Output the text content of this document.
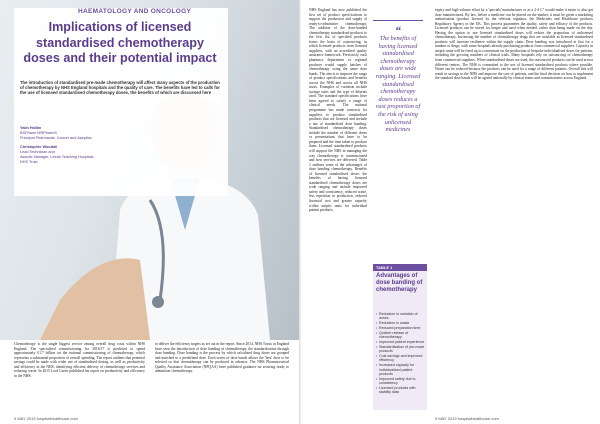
HAEMATOLOGY AND ONCOLOGY
Implications of licensed standardised chemotherapy doses and their potential impact

The introduction of standardised pre-made chemotherapy will affect many aspects of the production of chemotherapy by NHS England hospitals and the quality of care. The benefits have led to calls for the use of licensed standardised chemotherapy doses, the benefits of which are discussed here

Yalin Hallim
BSPharm MRPharmS
Principal Pharmacist, Cancer and Aseptics
Christopher Woodall
Lead Technician and
Aseptic Manager, Leeds Teaching Hospitals NHS Trust
Chemotherapy is the single biggest service among overall drug costs within NHS England. The specialised commissioning for 2016/17 is predicted to spend approximately £1.7 billion on the national commissioning of chemotherapy, which represents a substantial proportion of overall spending. The report outlines that potential savings could be made with wider use of standardised dosing, as well as productivity and efficiency in the NHS, identifying efficient delivery of chemotherapy services and reducing waste. In 2015 Lord Carter published his report on productivity and efficiency in the NHS.
to deliver the efficiency targets as set out in the report. Since 2014, NHS Trusts in England have seen the introduction of dose banding of chemotherapy, the standardisation through dose banding. Dose banding is the process by which calculated drug doses are grouped and matched to a predefined dose. Each series of dose bands allows the 'best' dose to be selected so that chemotherapy can be produced in advance. The NHS Pharmaceutical Quality Assurance Association (NPQAA) have published guidance on securing ready to administer chemotherapy.
9 MAY 2019 hospitalhealthcare.com
NHS England has now published the first set of product specifications to support the production and supply of ready-to-administer chemotherapy. The addition of the dose-banded chemotherapy standardised products to the first list of specified products forms the basis of outsourcing, in which licensed products from licensed suppliers, with an accredited quality assurance framework. Previously, each pharmacy department or regional producer would supply batches of chemotherapy using the same dose bands. The aim is to improve the range of product specifications and benefits across the NHS and across all NHS trusts. Examples of variation include syringe sizes and the type of diluents used. The standard specifications have been agreed to satisfy a range of clinical needs. The national programme has made contracts for suppliers to produce standardised products that are licensed and include a use of standardised dose banding. Standardised chemotherapy doses include the number of different doses or presentations that have to be prepared and the time taken to produce them. Licensed standardised products will support the NHS in managing the way chemotherapy is commissioned and how services are delivered. Table 1 outlines some of the advantages of dose banding chemotherapy. Benefits of licensed standardised doses: the benefits of having licensed standardised chemotherapy doses are wide ranging and include improved safety and consistency, reduced waste, less repetition in production, reduced financial cost and greater capacity within aseptic units for individual patient products.
“
The benefits of having licensed standardised chemotherapy doses are wide ranging. Licensed standardised chemotherapy doses reduces a vast proportion of the risk of using unlicensed medicines
TABLE 1
Advantages of dose banding of chemotherapy
• Reduction in variation of doses
• Reduction in waste
• Reduced preparation time
• Quicker release of chemotherapy
• Improved patient experience
• Standardisation of pre-made products
• Cost savings and improved efficiency
• Increased capacity for individualised patient products
• Improved safety due to consistency
• Licensed products with stability data
expiry and high volume effort by a 'specials' manufacturer or as a 2-4 C° would make it easier to also get dose manufactured. By law, before a medicine can be placed on the market, it must be given a marketing authorisation (product licence) by the relevant regulator, the Medicines and Healthcare products Regulatory Agency in the UK. This process guarantees the quality, safety and efficacy of the products. Licensed products can be stored for longer and used when needed, rather than being made on the day. Having the option to use licensed standardised doses will reduce the proportion of unlicensed chemotherapy. Increasing the number of chemotherapy drugs that are available as licensed standardised products will increase resilience within the supply chain. Dose banding was introduced at first for a number of drugs, with some hospitals already purchasing products from commercial suppliers. Capacity in aseptic units will be freed up to concentrate on the production of bespoke individualised doses for patients, including the growing numbers of clinical trials. Many hospitals rely on outsourcing of chemotherapy from commercial suppliers. When standardised doses are used, the outsourced products can be used across different centres. The NHS is committed to the use of licensed standardised products where possible. Waste can be reduced because the products can be used for a range of different patients. Overall this will result in savings to the NHS and improve the care of patients, and the final decision on how to implement the standard dose bands will be agreed nationally by clinical teams and commissioners across England.
9 MAY 2019 hospitalhealthcare.com
